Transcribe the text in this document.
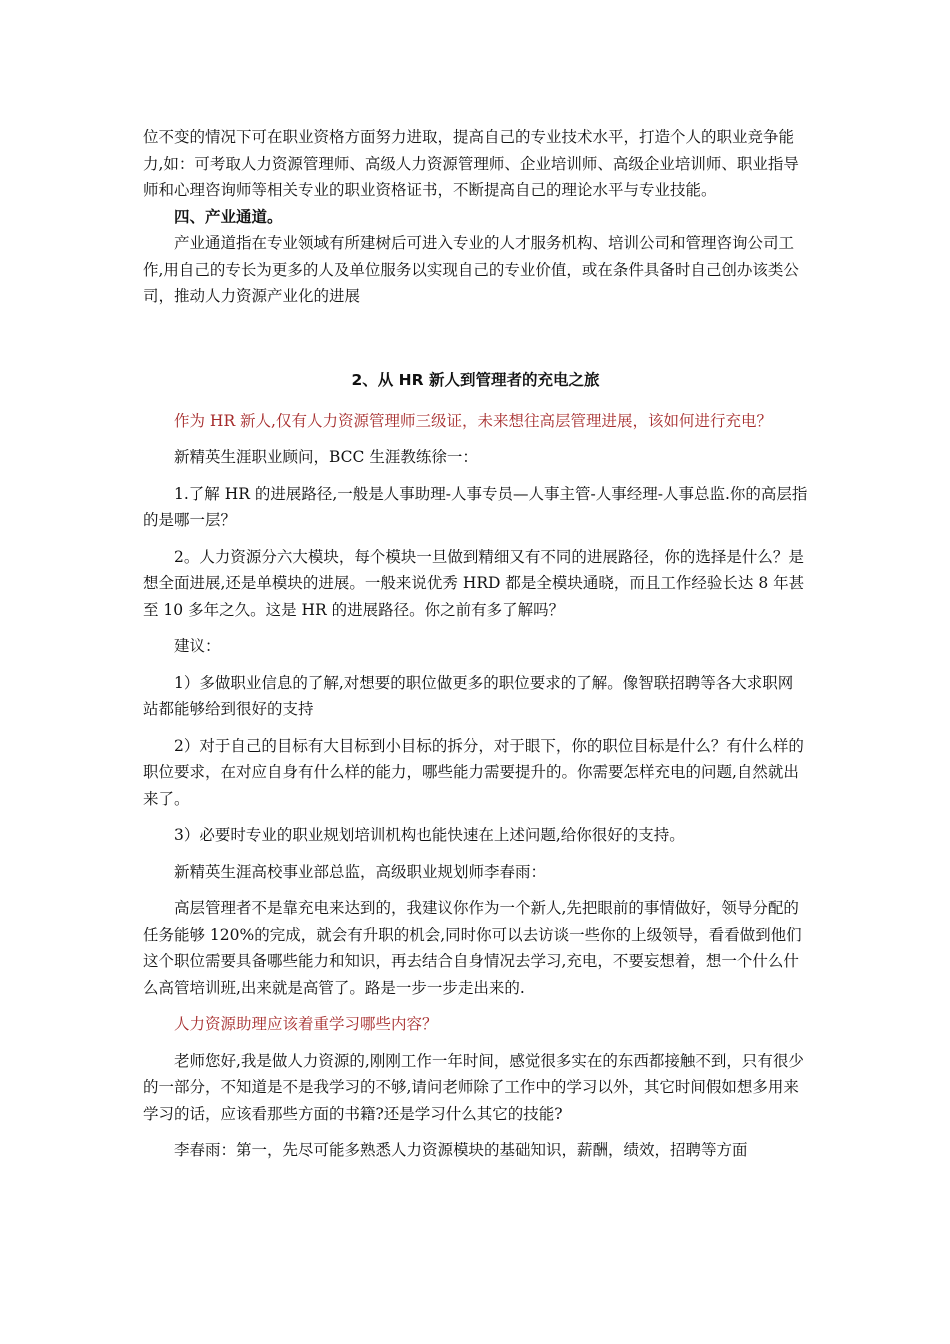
位不变的情况下可在职业资格方面努力进取，提高自己的专业技术水平，打造个人的职业竞争能力,如：可考取人力资源管理师、高级人力资源管理师、企业培训师、高级企业培训师、职业指导师和心理咨询师等相关专业的职业资格证书，不断提高自己的理论水平与专业技能。

四、产业通道。

产业通道指在专业领域有所建树后可进入专业的人才服务机构、培训公司和管理咨询公司工作,用自己的专长为更多的人及单位服务以实现自己的专业价值，或在条件具备时自己创办该类公司，推动人力资源产业化的进展

2、从 HR 新人到管理者的充电之旅

作为 HR 新人,仅有人力资源管理师三级证，未来想往高层管理进展，该如何进行充电？

新精英生涯职业顾问，BCC 生涯教练徐一：

1.了解 HR 的进展路径,一般是人事助理-人事专员—人事主管-人事经理-人事总监.你的高层指的是哪一层？

2。人力资源分六大模块，每个模块一旦做到精细又有不同的进展路径，你的选择是什么？是想全面进展,还是单模块的进展。一般来说优秀 HRD 都是全模块通晓，而且工作经验长达 8 年甚至 10 多年之久。这是 HR 的进展路径。你之前有多了解吗？

建议：

1）多做职业信息的了解,对想要的职位做更多的职位要求的了解。像智联招聘等各大求职网站都能够给到很好的支持

2）对于自己的目标有大目标到小目标的拆分，对于眼下，你的职位目标是什么？有什么样的职位要求，在对应自身有什么样的能力，哪些能力需要提升的。你需要怎样充电的问题,自然就出来了。

3）必要时专业的职业规划培训机构也能快速在上述问题,给你很好的支持。

新精英生涯高校事业部总监，高级职业规划师李春雨：

高层管理者不是靠充电来达到的，我建议你作为一个新人,先把眼前的事情做好，领导分配的任务能够 120%的完成，就会有升职的机会,同时你可以去访谈一些你的上级领导，看看做到他们这个职位需要具备哪些能力和知识，再去结合自身情况去学习,充电，不要妄想着，想一个什么什么高管培训班,出来就是高管了。路是一步一步走出来的.

人力资源助理应该着重学习哪些内容？

老师您好,我是做人力资源的,刚刚工作一年时间，感觉很多实在的东西都接触不到，只有很少的一部分，不知道是不是我学习的不够,请问老师除了工作中的学习以外，其它时间假如想多用来学习的话，应该看那些方面的书籍?还是学习什么其它的技能?

李春雨：第一，先尽可能多熟悉人力资源模块的基础知识，薪酬，绩效，招聘等方面
